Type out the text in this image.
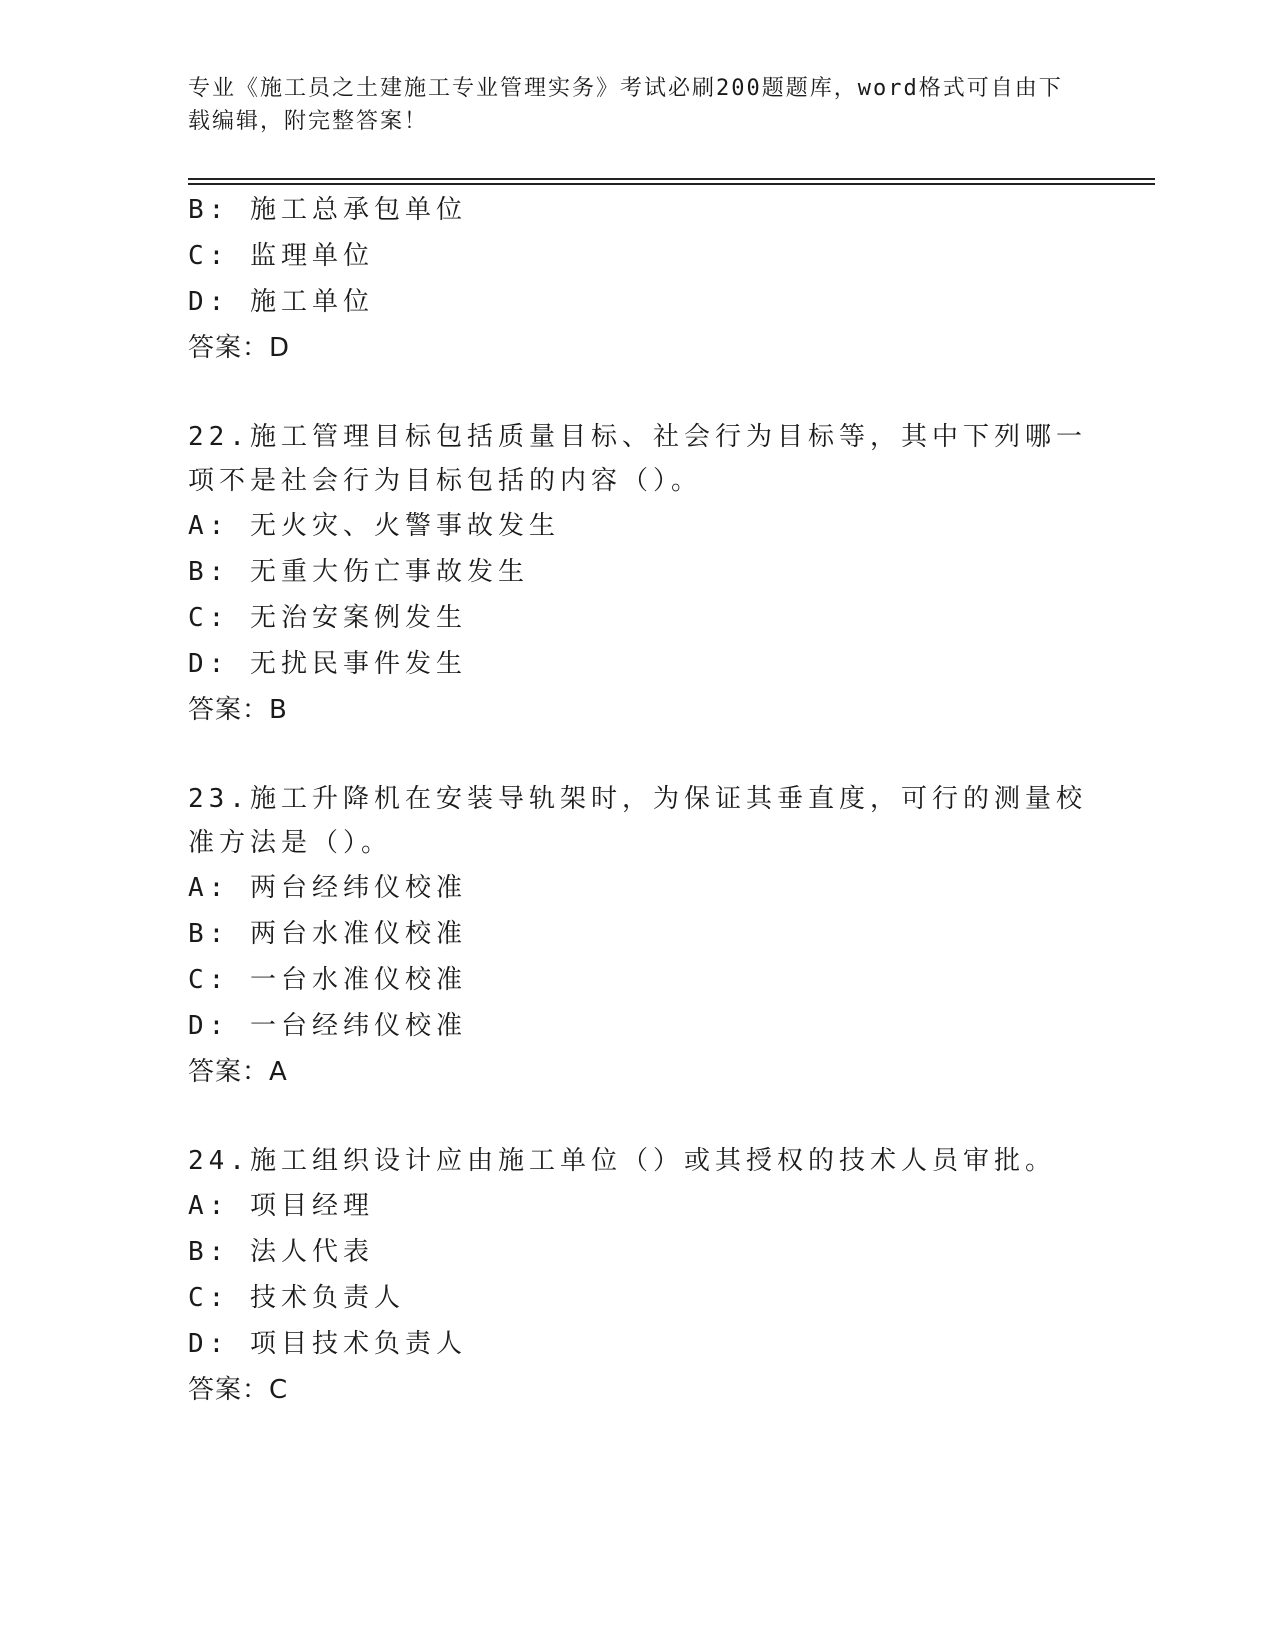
专业《施工员之土建施工专业管理实务》考试必刷200题题库，word格式可自由下载编辑，附完整答案！
B: 施工总承包单位
C: 监理单位
D: 施工单位
答案：D
22.施工管理目标包括质量目标、社会行为目标等，其中下列哪一项不是社会行为目标包括的内容（）。
A: 无火灾、火警事故发生
B: 无重大伤亡事故发生
C: 无治安案例发生
D: 无扰民事件发生
答案：B
23.施工升降机在安装导轨架时，为保证其垂直度，可行的测量校准方法是（）。
A: 两台经纬仪校准
B: 两台水准仪校准
C: 一台水准仪校准
D: 一台经纬仪校准
答案：A
24.施工组织设计应由施工单位（）或其授权的技术人员审批。
A: 项目经理
B: 法人代表
C: 技术负责人
D: 项目技术负责人
答案：C
